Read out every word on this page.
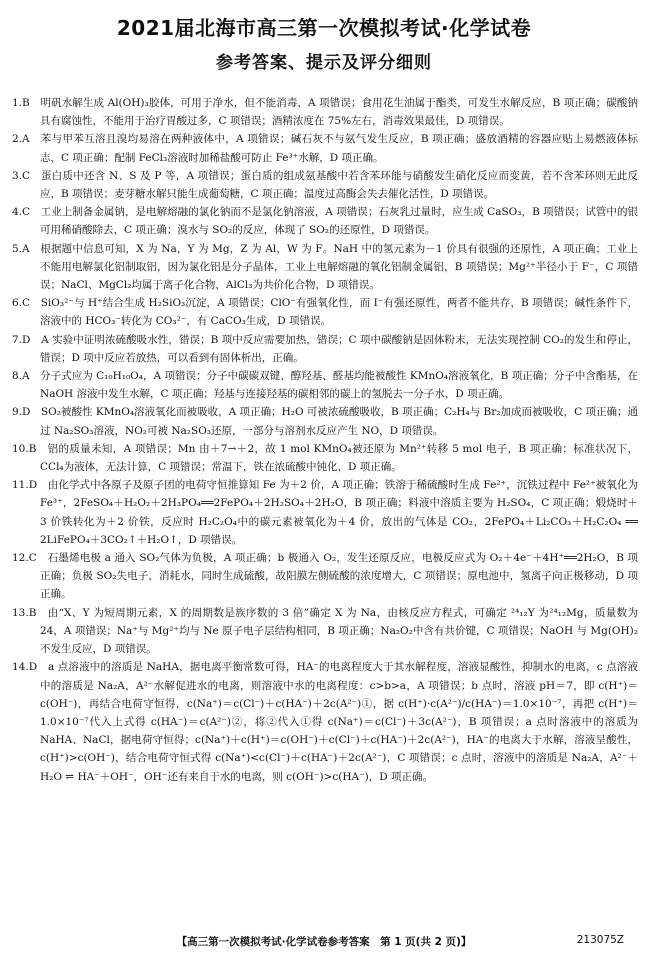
2021届北海市高三第一次模拟考试·化学试卷
参考答案、提示及评分细则

1.B　明矾水解生成 Al(OH)₃胶体，可用于净水，但不能消毒，A 项错误；食用花生油属于酯类，可发生水解反应，B 项正确；碳酸钠具有腐蚀性，不能用于治疗胃酸过多，C 项错误；酒精浓度在 75%左右，消毒效果最佳，D 项错误。

2.A　苯与甲苯互溶且溴均易溶在两种液体中，A 项错误；碱石灰不与氨气发生反应，B 项正确；盛放酒精的容器应贴上易燃液体标志，C 项正确；配制 FeCl₃溶液时加稀盐酸可防止 Fe³⁺水解，D 项正确。

3.C　蛋白质中还含 N、S 及 P 等，A 项错误；蛋白质的组成氨基酸中若含苯环能与硝酸发生硝化反应而变黄，若不含苯环则无此反应，B 项错误；麦芽糖水解只能生成葡萄糖，C 项正确；温度过高酶会失去催化活性，D 项错误。

4.C　工业上制备金属钠，是电解熔融的氯化钠而不是氯化钠溶液，A 项错误；石灰乳过量时，应生成 CaSO₃，B 项错误；试管中的银可用稀硝酸除去，C 项正确；溴水与 SO₂的反应，体现了 SO₂的还原性，D 项错误。

5.A　根据题中信息可知，X 为 Na，Y 为 Mg，Z 为 Al，W 为 F。NaH 中的氢元素为－1 价具有很强的还原性，A 项正确；工业上不能用电解氯化铝制取铝，因为氯化铝是分子晶体，工业上电解熔融的氧化铝制金属铝，B 项错误；Mg²⁺半径小于 F⁻，C 项错误；NaCl、MgCl₂均属于离子化合物，AlCl₃为共价化合物，D 项错误。

6.C　SiO₃²⁻与 H⁺结合生成 H₂SiO₃沉淀，A 项错误；ClO⁻有强氧化性，而 I⁻有强还原性，两者不能共存，B 项错误；碱性条件下，溶液中的 HCO₃⁻转化为 CO₃²⁻，有 CaCO₃生成，D 项错误。

7.D　A 实验中证明浓硫酸吸水性，错误；B 项中反应需要加热，错误；C 项中碳酸钠是固体粉末，无法实现控制 CO₂的发生和停止，错误；D 项中反应若放热，可以看到有固体析出，正确。

8.A　分子式应为 C₁₀H₁₀O₄，A 项错误；分子中碳碳双键、醇羟基、醛基均能被酸性 KMnO₄溶液氧化，B 项正确；分子中含酯基，在 NaOH 溶液中发生水解，C 项正确；羟基与连接羟基的碳相邻的碳上的氢脱去一分子水，D 项正确。

9.D　SO₂被酸性 KMnO₄溶液氧化而被吸收，A 项正确；H₂O 可被浓硫酸吸收，B 项正确；C₂H₄与 Br₂加成而被吸收，C 项正确；通过 Na₂SO₃溶液，NO₂可被 Na₂SO₃还原，一部分与溶剂水反应产生 NO，D 项错误。

10.B　铝的质量未知，A 项错误；Mn 由＋7→＋2，故 1 mol KMnO₄被还原为 Mn²⁺转移 5 mol 电子，B 项正确；标准状况下，CCl₄为液体，无法计算，C 项错误；常温下，铁在浓硫酸中钝化，D 项正确。

11.D　由化学式中各原子及原子团的电荷守恒推算知 Fe 为＋2 价，A 项正确；铁溶于稀硫酸时生成 Fe²⁺，沉铁过程中 Fe²⁺被氧化为 Fe³⁺，2FeSO₄＋H₂O₂＋2H₃PO₄══2FePO₄＋2H₂SO₄＋2H₂O，B 项正确；料液中溶质主要为 H₂SO₄，C 项正确；煅烧时＋3 价铁转化为＋2 价铁，反应时 H₂C₂O₄中的碳元素被氧化为＋4 价，放出的气体是 CO₂，2FePO₄＋Li₂CO₃＋H₂C₂O₄ ══ 2LiFePO₄＋3CO₂↑＋H₂O↑，D 项错误。

12.C　石墨烯电极 a 通入 SO₂气体为负极，A 项正确；b 极通入 O₂，发生还原反应，电极反应式为 O₂＋4e⁻＋4H⁺══2H₂O，B 项正确；负极 SO₂失电子，消耗水，同时生成硫酸，故阳膜左侧硫酸的浓度增大，C 项错误；原电池中，氢离子向正极移动，D 项正确。

13.B　由“X、Y 为短周期元素，X 的周期数是族序数的 3 倍”确定 X 为 Na，由核反应方程式，可确定 ²⁴₁₂Y 为²⁴₁₂Mg，质量数为 24，A 项错误；Na⁺与 Mg²⁺均与 Ne 原子电子层结构相同，B 项正确；Na₂O₂中含有共价键，C 项错误；NaOH 与 Mg(OH)₂不发生反应，D 项错误。

14.D　a 点溶液中的溶质是 NaHA，据电离平衡常数可得，HA⁻的电离程度大于其水解程度，溶液显酸性，抑制水的电离，c 点溶液中的溶质是 Na₂A，A²⁻水解促进水的电离，则溶液中水的电离程度：c>b>a，A 项错误；b 点时，溶液 pH＝7，即 c(H⁺)＝c(OH⁻)，再结合电荷守恒得，c(Na⁺)＝c(Cl⁻)＋c(HA⁻)＋2c(A²⁻)①，据 c(H⁺)·c(A²⁻)/c(HA⁻)＝1.0×10⁻⁷，再把 c(H⁺)＝1.0×10⁻⁷代入上式得 c(HA⁻)＝c(A²⁻)②，将②代入①得 c(Na⁺)＝c(Cl⁻)＋3c(A²⁻)，B 项错误；a 点时溶液中的溶质为 NaHA、NaCl，据电荷守恒得；c(Na⁺)＋c(H⁺)＝c(OH⁻)＋c(Cl⁻)＋c(HA⁻)＋2c(A²⁻)，HA⁻的电离大于水解，溶液呈酸性，c(H⁺)>c(OH⁻)，结合电荷守恒式得 c(Na⁺)<c(Cl⁻)＋c(HA⁻)＋2c(A²⁻)，C 项错误；c 点时，溶液中的溶质是 Na₂A，A²⁻＋H₂O ⇌ HA⁻＋OH⁻，OH⁻还有来自于水的电离，则 c(OH⁻)>c(HA⁻)，D 项正确。

【高三第一次模拟考试·化学试卷参考答案　第 1 页(共 2 页)】	213075Z
